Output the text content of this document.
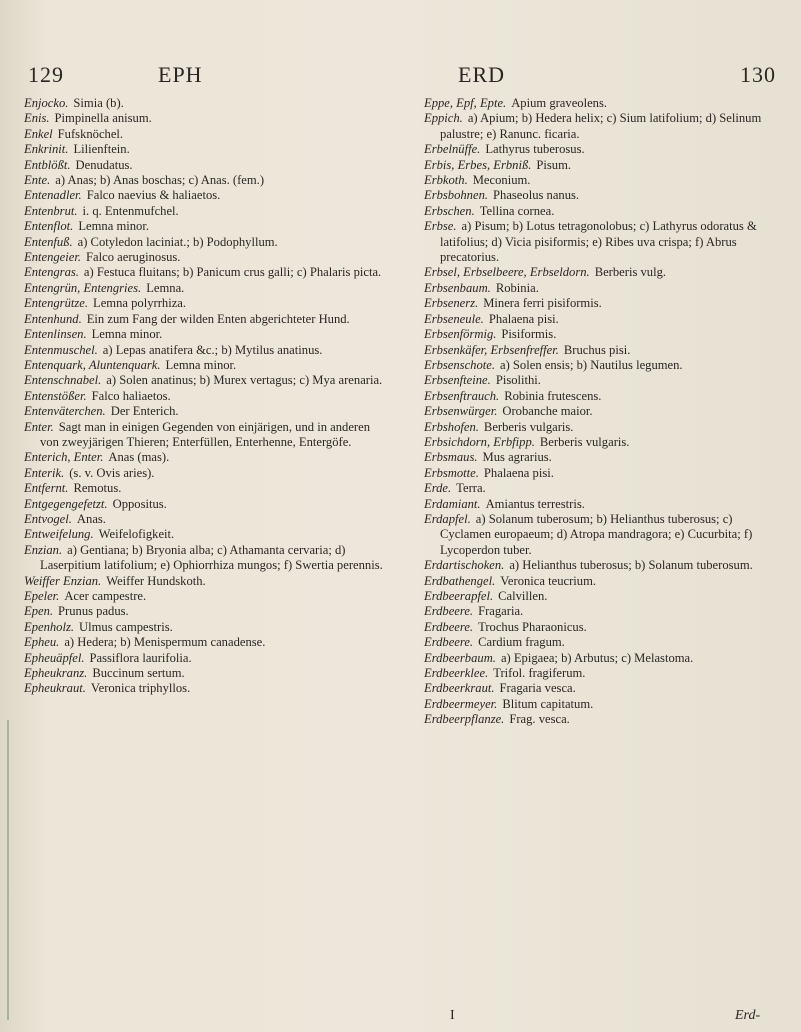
129	EPH	ERD	130

Enjocko. Simia (b).

Enis. Pimpinella anisum.

Enkel Fufsknöchel.

Enkrinit. Lilienftein.

Entblößt. Denudatus.

Ente. a) Anas; b) Anas boschas; c) Anas. (fem.)

Entenadler. Falco naevius & haliaetos.

Entenbrut. i. q. Entenmufchel.

Entenflot. Lemna minor.

Entenfuß. a) Cotyledon laciniat.; b) Podophyllum.

Entengeier. Falco aeruginosus.

Entengras. a) Festuca fluitans; b) Panicum crus galli; c) Phalaris picta.

Entengrün, Entengries. Lemna.

Entengrütze. Lemna polyrrhiza.

Entenhund. Ein zum Fang der wilden Enten abgerichteter Hund.

Entenlinsen. Lemna minor.

Entenmuschel. a) Lepas anatifera &c.; b) Mytilus anatinus.

Entenquark, Aluntenquark. Lemna minor.

Entenschnabel. a) Solen anatinus; b) Murex vertagus; c) Mya arenaria.

Entenstößer. Falco haliaetos.

Entenväterchen. Der Enterich.

Enter. Sagt man in einigen Gegenden von einjärigen, und in anderen von zweyjärigen Thieren; Enterfüllen, Enterhenne, Entergöfe.

Enterich, Enter. Anas (mas).

Enterik. (s. v. Ovis aries).

Entfernt. Remotus.

Entgegengefetzt. Oppositus.

Entvogel. Anas.

Entweifelung. Weifelofigkeit.

Enzian. a) Gentiana; b) Bryonia alba; c) Athamanta cervaria; d) Laserpitium latifolium; e) Ophiorrhiza mungos; f) Swertia perennis.

Weiffer Enzian. Weiffer Hundskoth.

Epeler. Acer campestre.

Epen. Prunus padus.

Epenholz. Ulmus campestris.

Epheu. a) Hedera; b) Menispermum canadense.

Epheuäpfel. Passiflora laurifolia.

Epheukranz. Buccinum sertum.

Epheukraut. Veronica triphyllos.

Eppe, Epf, Epte. Apium graveolens.

Eppich. a) Apium; b) Hedera helix; c) Sium latifolium; d) Selinum palustre; e) Ranunc. ficaria.

Erbelnüffe. Lathyrus tuberosus.

Erbis, Erbes, Erbniß. Pisum.

Erbkoth. Meconium.

Erbsbohnen. Phaseolus nanus.

Erbschen. Tellina cornea.

Erbse. a) Pisum; b) Lotus tetragonolobus; c) Lathyrus odoratus & latifolius; d) Vicia pisiformis; e) Ribes uva crispa; f) Abrus precatorius.

Erbsel, Erbselbeere, Erbseldorn. Berberis vulg.

Erbsenbaum. Robinia.

Erbsenerz. Minera ferri pisiformis.

Erbseneule. Phalaena pisi.

Erbsenförmig. Pisiformis.

Erbsenkäfer, Erbsenfreffer. Bruchus pisi.

Erbsenschote. a) Solen ensis; b) Nautilus legumen.

Erbsenfteine. Pisolithi.

Erbsenftrauch. Robinia frutescens.

Erbsenwürger. Orobanche maior.

Erbshofen. Berberis vulgaris.

Erbsichdorn, Erbfipp. Berberis vulgaris.

Erbsmaus. Mus agrarius.

Erbsmotte. Phalaena pisi.

Erde. Terra.

Erdamiant. Amiantus terrestris.

Erdapfel. a) Solanum tuberosum; b) Helianthus tuberosus; c) Cyclamen europaeum; d) Atropa mandragora; e) Cucurbita; f) Lycoperdon tuber.

Erdartischoken. a) Helianthus tuberosus; b) Solanum tuberosum.

Erdbathengel. Veronica teucrium.

Erdbeerapfel. Calvillen.

Erdbeere. Fragaria.

Erdbeere. Trochus Pharaonicus.

Erdbeere. Cardium fragum.

Erdbeerbaum. a) Epigaea; b) Arbutus; c) Melastoma.

Erdbeerklee. Trifol. fragiferum.

Erdbeerkraut. Fragaria vesca.

Erdbeermeyer. Blitum capitatum.

Erdbeerpflanze. Frag. vesca.

I	Erd-
